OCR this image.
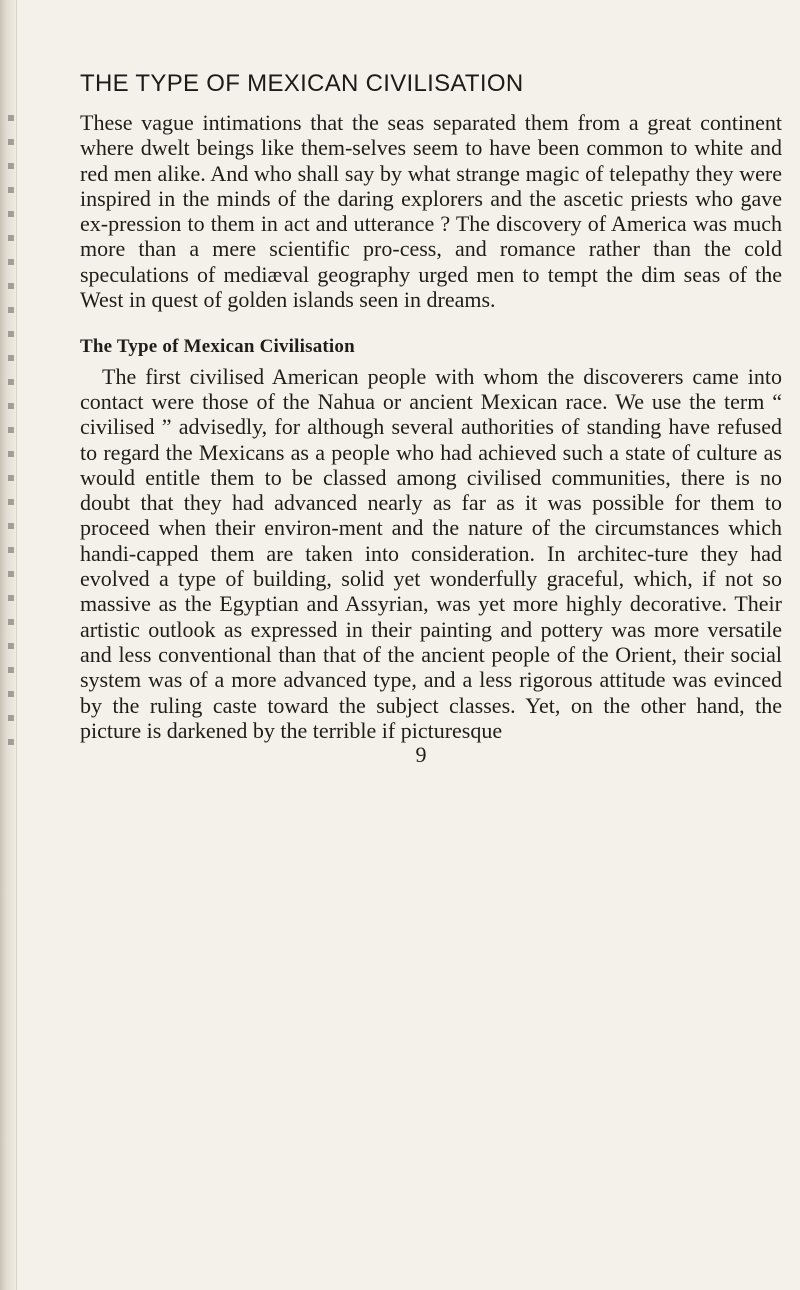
THE TYPE OF MEXICAN CIVILISATION

These vague intimations that the seas separated them from a great continent where dwelt beings like them-selves seem to have been common to white and red men alike. And who shall say by what strange magic of telepathy they were inspired in the minds of the daring explorers and the ascetic priests who gave ex-pression to them in act and utterance ? The discovery of America was much more than a mere scientific pro-cess, and romance rather than the cold speculations of mediæval geography urged men to tempt the dim seas of the West in quest of golden islands seen in dreams.

The Type of Mexican Civilisation

The first civilised American people with whom the discoverers came into contact were those of the Nahua or ancient Mexican race. We use the term “ civilised ” advisedly, for although several authorities of standing have refused to regard the Mexicans as a people who had achieved such a state of culture as would entitle them to be classed among civilised communities, there is no doubt that they had advanced nearly as far as it was possible for them to proceed when their environ-ment and the nature of the circumstances which handi-capped them are taken into consideration. In architec-ture they had evolved a type of building, solid yet wonderfully graceful, which, if not so massive as the Egyptian and Assyrian, was yet more highly decorative. Their artistic outlook as expressed in their painting and pottery was more versatile and less conventional than that of the ancient people of the Orient, their social system was of a more advanced type, and a less rigorous attitude was evinced by the ruling caste toward the subject classes. Yet, on the other hand, the picture is darkened by the terrible if picturesque

9
